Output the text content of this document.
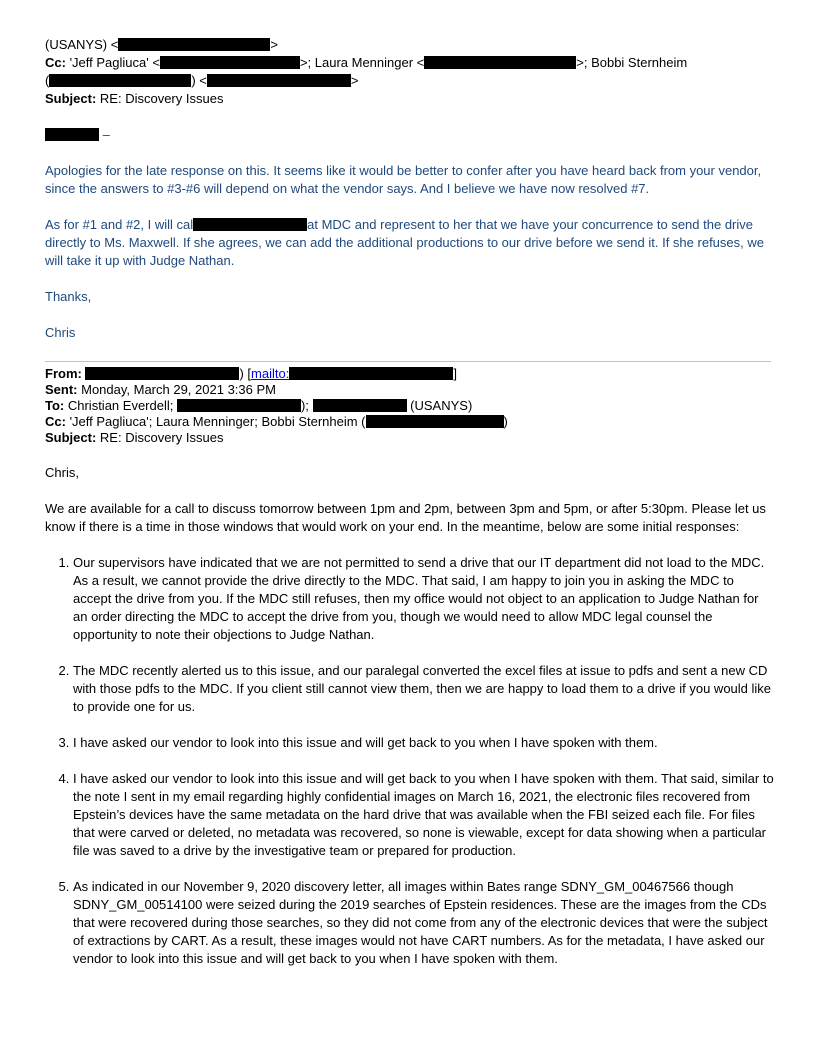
(USANYS) <	>
Cc: 'Jeff Pagliuca' <	>; Laura Menninger <	>; Bobbi Sternheim
(	) <	>
Subject: RE: Discovery Issues
–

Apologies for the late response on this. It seems like it would be better to confer after you have heard back from your vendor, since the answers to #3-#6 will depend on what the vendor says. And I believe we have now resolved #7.

As for #1 and #2, I will cal	at MDC and represent to her that we have your concurrence to send the drive directly to Ms. Maxwell. If she agrees, we can add the additional productions to our drive before we send it. If she refuses, we will take it up with Judge Nathan.

Thanks,

Chris

From:	) [mailto:	]
Sent: Monday, March 29, 2021 3:36 PM
To: Christian Everdell;	);	(USANYS)
Cc: 'Jeff Pagliuca'; Laura Menninger; Bobbi Sternheim (	)
Subject: RE: Discovery Issues

Chris,

We are available for a call to discuss tomorrow between 1pm and 2pm, between 3pm and 5pm, or after 5:30pm. Please let us know if there is a time in those windows that would work on your end. In the meantime, below are some initial responses:

1. Our supervisors have indicated that we are not permitted to send a drive that our IT department did not load to the MDC. As a result, we cannot provide the drive directly to the MDC. That said, I am happy to join you in asking the MDC to accept the drive from you. If the MDC still refuses, then my office would not object to an application to Judge Nathan for an order directing the MDC to accept the drive from you, though we would need to allow MDC legal counsel the opportunity to note their objections to Judge Nathan.
2. The MDC recently alerted us to this issue, and our paralegal converted the excel files at issue to pdfs and sent a new CD with those pdfs to the MDC. If you client still cannot view them, then we are happy to load them to a drive if you would like to provide one for us.
3. I have asked our vendor to look into this issue and will get back to you when I have spoken with them.
4. I have asked our vendor to look into this issue and will get back to you when I have spoken with them. That said, similar to the note I sent in my email regarding highly confidential images on March 16, 2021, the electronic files recovered from Epstein’s devices have the same metadata on the hard drive that was available when the FBI seized each file. For files that were carved or deleted, no metadata was recovered, so none is viewable, except for data showing when a particular file was saved to a drive by the investigative team or prepared for production.
5. As indicated in our November 9, 2020 discovery letter, all images within Bates range SDNY_GM_00467566 though SDNY_GM_00514100 were seized during the 2019 searches of Epstein residences. These are the images from the CDs that were recovered during those searches, so they did not come from any of the electronic devices that were the subject of extractions by CART. As a result, these images would not have CART numbers. As for the metadata, I have asked our vendor to look into this issue and will get back to you when I have spoken with them.
